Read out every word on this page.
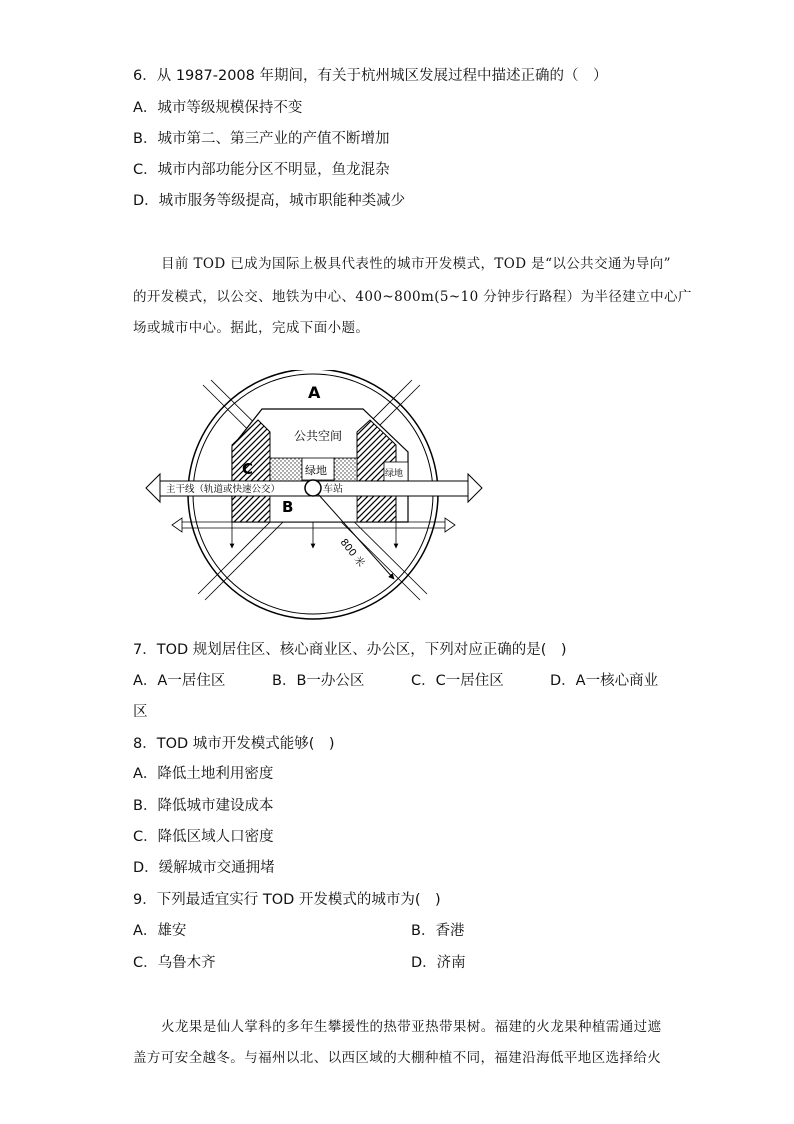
6．从 1987-2008 年期间，有关于杭州城区发展过程中描述正确的（　）
A．城市等级规模保持不变
B．城市第二、第三产业的产值不断增加
C．城市内部功能分区不明显，鱼龙混杂
D．城市服务等级提高，城市职能种类减少
目前 TOD 已成为国际上极具代表性的城市开发模式，TOD 是“以公共交通为导向”
的开发模式，以公交、地铁为中心、400~800m(5~10 分钟步行路程）为半径建立中心广
场或城市中心。据此，完成下面小题。
A
C
B
公共空间
绿地	绿地
主干线（轨道或快速公交）	车站
800 米
7．TOD 规划居住区、核心商业区、办公区，下列对应正确的是(　)
A．A一居住区	B．B一办公区	C．C一居住区	D．A一核心商业
区
8．TOD 城市开发模式能够(　)
A．降低土地利用密度
B．降低城市建设成本
C．降低区域人口密度
D．缓解城市交通拥堵
9．下列最适宜实行 TOD 开发模式的城市为(　)
A．雄安	B．香港
C．乌鲁木齐	D．济南
火龙果是仙人掌科的多年生攀援性的热带亚热带果树。福建的火龙果种植需通过遮
盖方可安全越冬。与福州以北、以西区域的大棚种植不同，福建沿海低平地区选择给火
